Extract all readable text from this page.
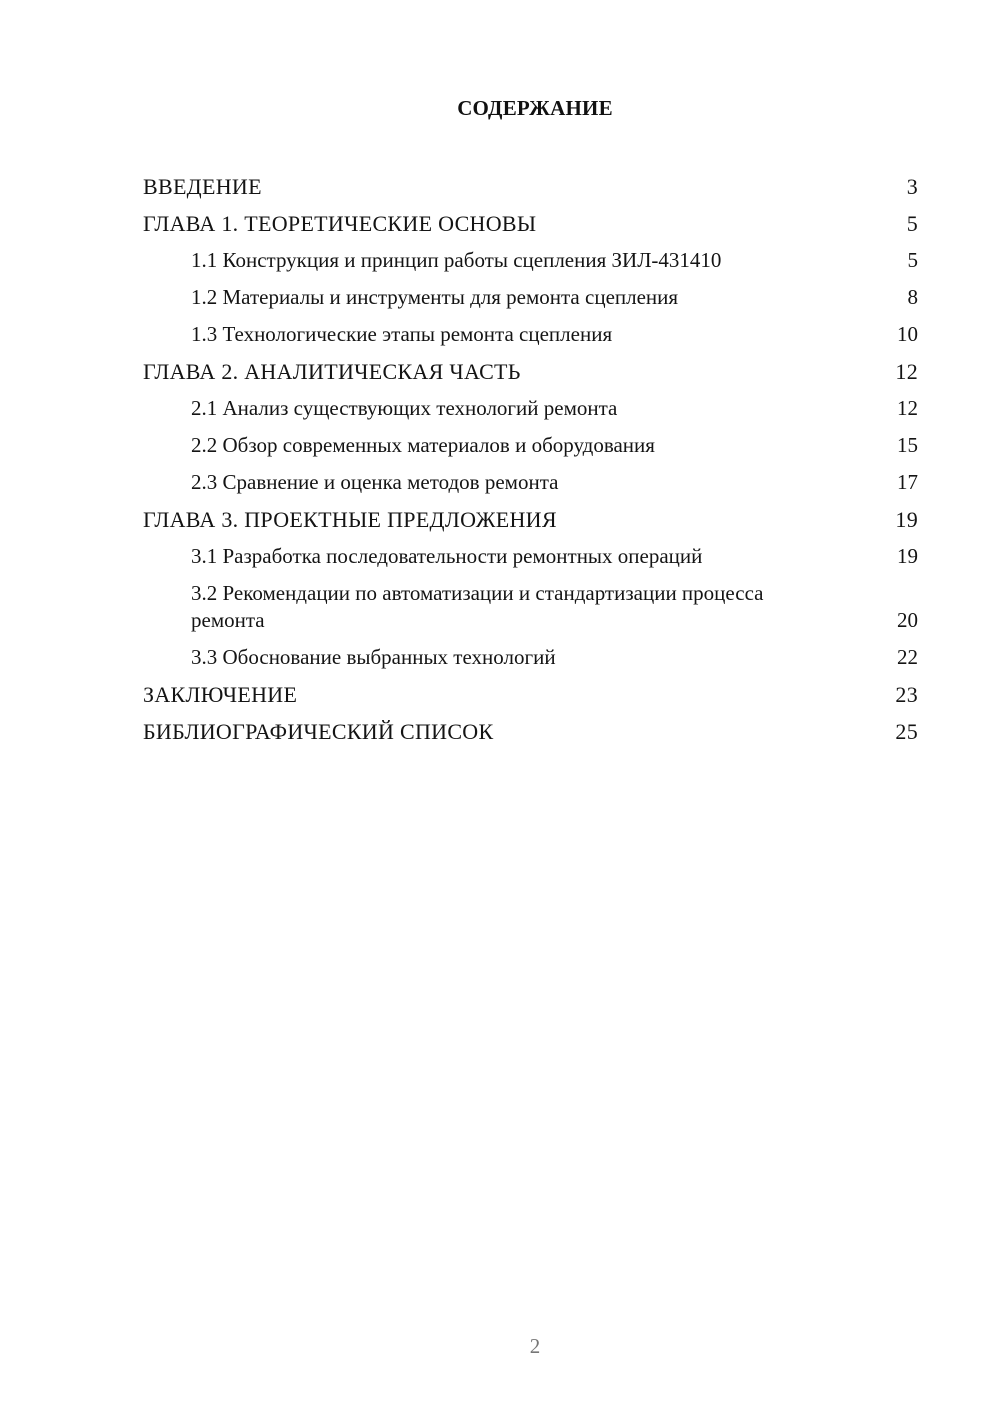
СОДЕРЖАНИЕ
ВВЕДЕНИЕ	3
ГЛАВА 1. ТЕОРЕТИЧЕСКИЕ ОСНОВЫ	5
1.1 Конструкция и принцип работы сцепления ЗИЛ-431410	5
1.2 Материалы и инструменты для ремонта сцепления	8
1.3 Технологические этапы ремонта сцепления	10
ГЛАВА 2. АНАЛИТИЧЕСКАЯ ЧАСТЬ	12
2.1 Анализ существующих технологий ремонта	12
2.2 Обзор современных материалов и оборудования	15
2.3 Сравнение и оценка методов ремонта	17
ГЛАВА 3. ПРОЕКТНЫЕ ПРЕДЛОЖЕНИЯ	19
3.1 Разработка последовательности ремонтных операций	19
3.2 Рекомендации по автоматизации и стандартизации процесса ремонта	20
3.3 Обоснование выбранных технологий	22
ЗАКЛЮЧЕНИЕ	23
БИБЛИОГРАФИЧЕСКИЙ СПИСОК	25
2
